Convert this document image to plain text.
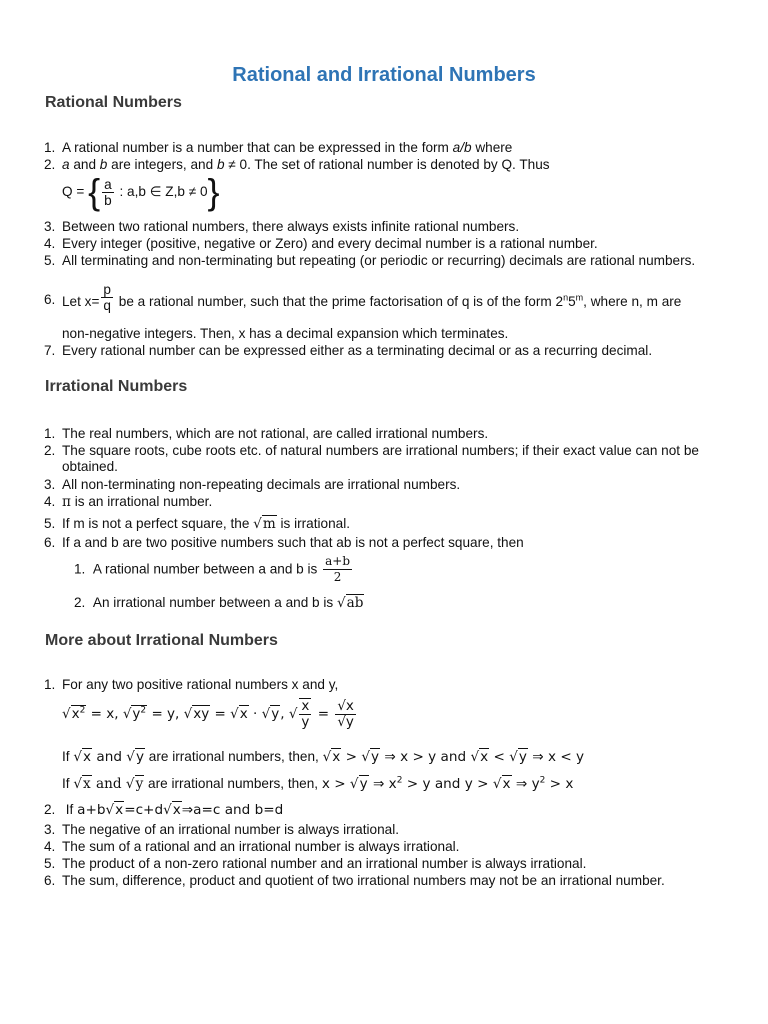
Rational and Irrational Numbers
Rational Numbers
1. A rational number is a number that can be expressed in the form a/b where
2. a and b are integers, and b ≠ 0. The set of rational number is denoted by Q. Thus
Q = { $\frac{a}{b}$ : a,b ∈ Z,b ≠ 0}
3. Between two rational numbers, there always exists infinite rational numbers.
4. Every integer (positive, negative or Zero) and every decimal number is a rational number.
5. All terminating and non-terminating but repeating (or periodic or recurring) decimals are rational numbers.
6. Let $x= \frac{p}{q}$ be a rational number, such that the prime factorisation of q is of the form 2$^n$5$^m$, where n, m are
non-negative integers. Then, x has a decimal expansion which terminates.
7. Every rational number can be expressed either as a terminating decimal or as a recurring decimal.
Irrational Numbers
1. The real numbers, which are not rational, are called irrational numbers.
2. The square roots, cube roots etc. of natural numbers are irrational numbers; if their exact value can not be obtained.
3. All non-terminating non-repeating decimals are irrational numbers.
4. π is an irrational number.
5. If m is not a perfect square, the √m is irrational.
6. If a and b are two positive numbers such that ab is not a perfect square, then
1.  A rational number between a and b is $\frac{a+b}{2}$
2.  An irrational number between a and b is √ab
More about Irrational Numbers
1. For any two positive rational numbers x and y,
$√x^2 = x$, $√y^2 = y$, √xy = √x · √y, √ $\frac{x}{y} = \frac{√x}{√y}$
If √x and √y are irrational numbers, then, √x > √y ⇒ x > y and √x < √y ⇒ x < y
If √x and √y are irrational numbers, then, x > √y ⇒ $x^2 > y$ and y > √x ⇒ $y^2 > x$
2. If a+b√x=c+d√x⇒a=c and b=d
3. The negative of an irrational number is always irrational.
4. The sum of a rational and an irrational number is always irrational.
5. The product of a non-zero rational number and an irrational number is always irrational.
6. The sum, difference, product and quotient of two irrational numbers may not be an irrational number.
